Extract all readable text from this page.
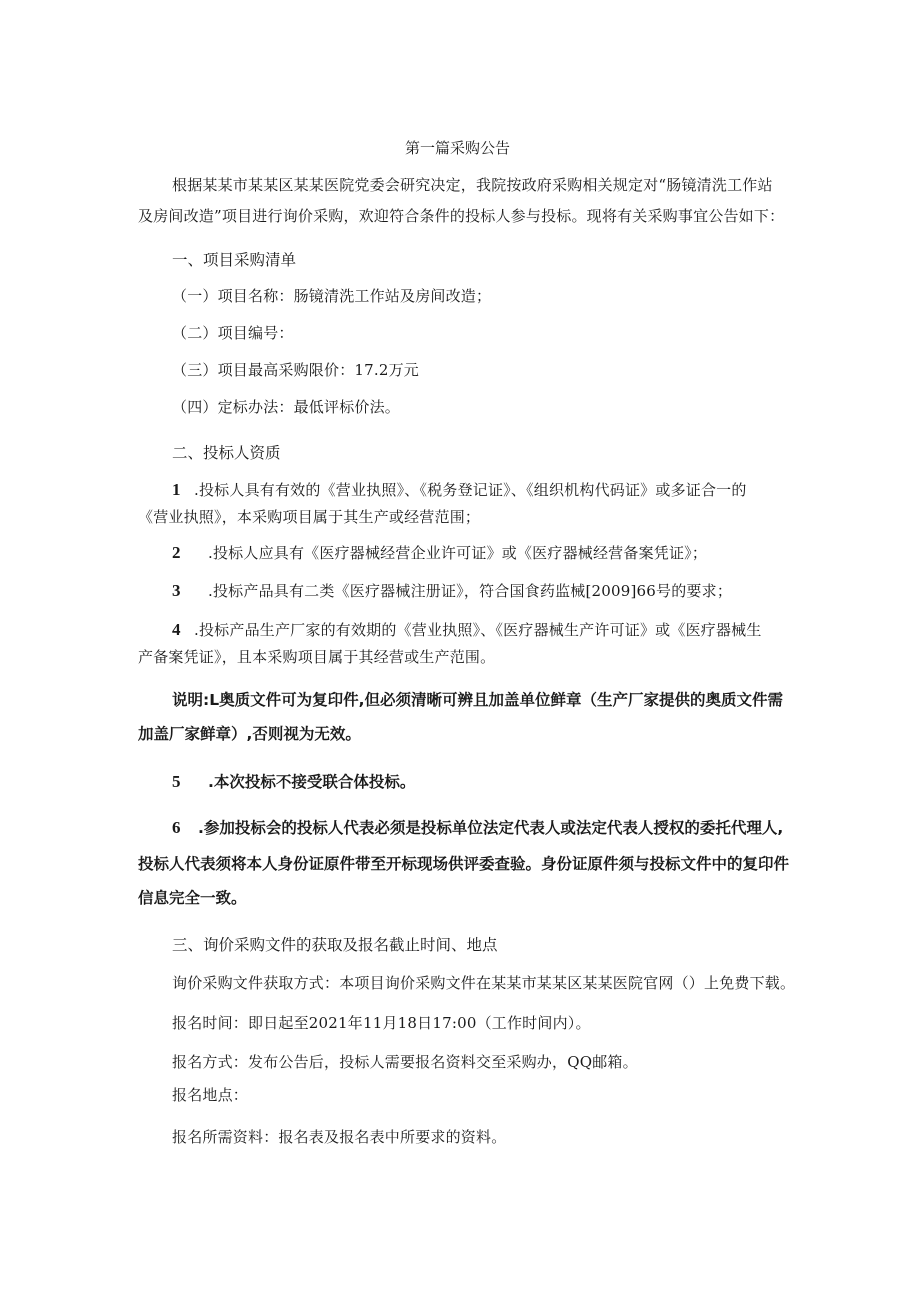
第一篇采购公告
根据某某市某某区某某医院党委会研究决定，我院按政府采购相关规定对“肠镜清洗工作站
及房间改造”项目进行询价采购，欢迎符合条件的投标人参与投标。现将有关采购事宜公告如下：
一、项目采购清单
（一）项目名称：肠镜清洗工作站及房间改造；
（二）项目编号：
（三）项目最高采购限价：17.2万元
（四）定标办法：最低评标价法。
二、投标人资质
1 .投标人具有有效的《营业执照》、《税务登记证》、《组织机构代码证》或多证合一的
《营业执照》，本采购项目属于其生产或经营范围；
2 .投标人应具有《医疗器械经营企业许可证》或《医疗器械经营备案凭证》；
3 .投标产品具有二类《医疗器械注册证》，符合国食药监械[2009]66号的要求；
4 .投标产品生产厂家的有效期的《营业执照》、《医疗器械生产许可证》或《医疗器械生
产备案凭证》，且本采购项目属于其经营或生产范围。
说明:L奥质文件可为复印件,但必须清晰可辨且加盖单位鲜章（生产厂家提供的奥质文件需
加盖厂家鲜章）,否则视为无效。
5 .本次投标不接受联合体投标。
6 .参加投标会的投标人代表必须是投标单位法定代表人或法定代表人授权的委托代理人,
投标人代表须将本人身份证原件带至开标现场供评委查验。身份证原件须与投标文件中的复印件
信息完全一致。
三、询价采购文件的获取及报名截止时间、地点
询价采购文件获取方式：本项目询价采购文件在某某市某某区某某医院官网（）上免费下载。
报名时间：即日起至2021年11月18日17:00（工作时间内）。
报名方式：发布公告后，投标人需要报名资料交至采购办，QQ邮箱。
报名地点：
报名所需资料：报名表及报名表中所要求的资料。
